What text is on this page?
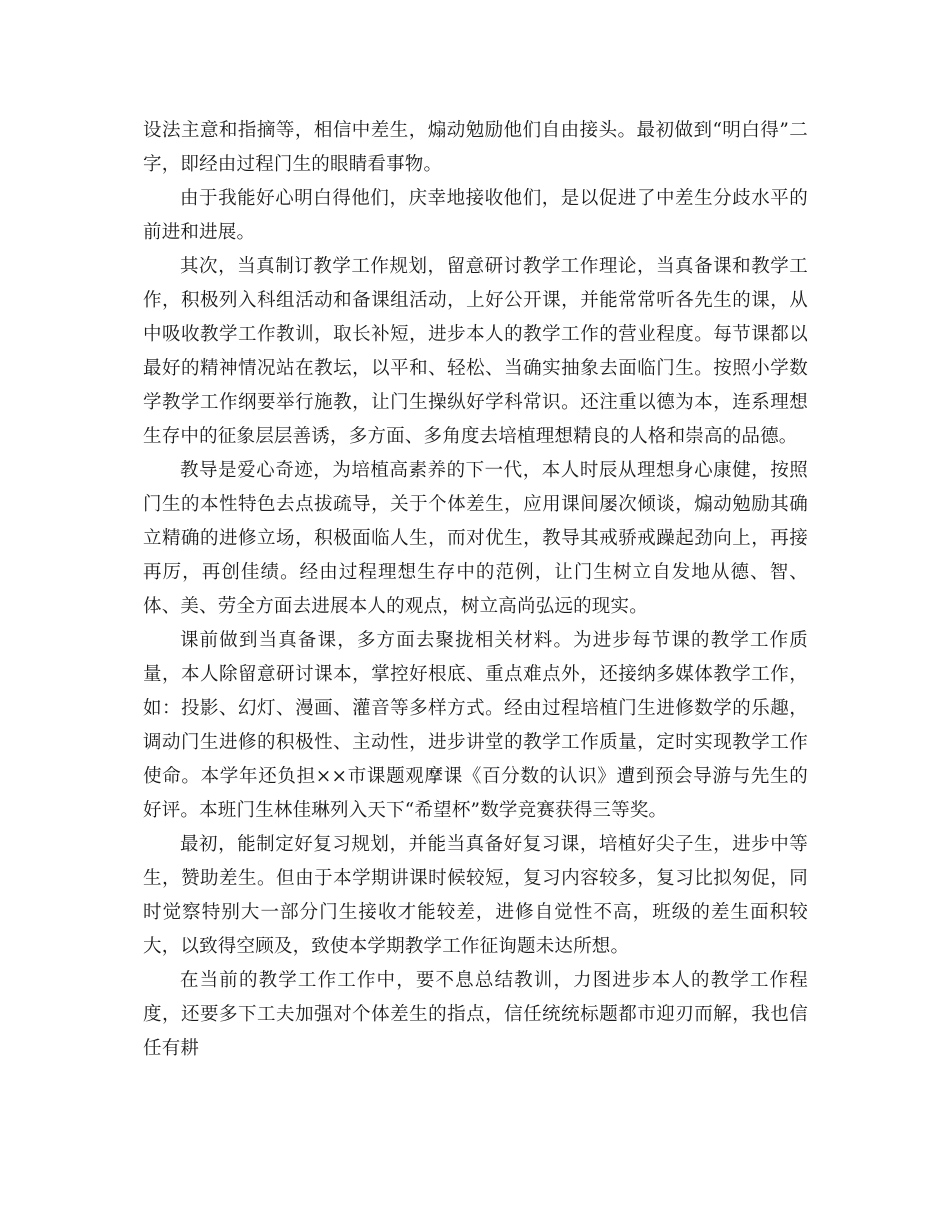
设法主意和指摘等，相信中差生，煽动勉励他们自由接头。最初做到“明白得”二字，即经由过程门生的眼睛看事物。

由于我能好心明白得他们，庆幸地接收他们，是以促进了中差生分歧水平的前进和进展。

其次，当真制订教学工作规划，留意研讨教学工作理论，当真备课和教学工作，积极列入科组活动和备课组活动，上好公开课，并能常常听各先生的课，从中吸收教学工作教训，取长补短，进步本人的教学工作的营业程度。每节课都以最好的精神情况站在教坛，以平和、轻松、当确实抽象去面临门生。按照小学数学教学工作纲要举行施教，让门生操纵好学科常识。还注重以德为本，连系理想生存中的征象层层善诱，多方面、多角度去培植理想精良的人格和崇高的品德。

教导是爱心奇迹，为培植高素养的下一代，本人时辰从理想身心康健，按照门生的本性特色去点拔疏导，关于个体差生，应用课间屡次倾谈，煽动勉励其确立精确的进修立场，积极面临人生，而对优生，教导其戒骄戒躁起劲向上，再接再厉，再创佳绩。经由过程理想生存中的范例，让门生树立自发地从德、智、体、美、劳全方面去进展本人的观点，树立高尚弘远的现实。

课前做到当真备课，多方面去聚拢相关材料。为进步每节课的教学工作质量，本人除留意研讨课本，掌控好根底、重点难点外，还接纳多媒体教学工作，如：投影、幻灯、漫画、灌音等多样方式。经由过程培植门生进修数学的乐趣，调动门生进修的积极性、主动性，进步讲堂的教学工作质量，定时实现教学工作使命。本学年还负担××市课题观摩课《百分数的认识》遭到预会导游与先生的好评。本班门生林佳琳列入天下“希望杯”数学竞赛获得三等奖。

最初，能制定好复习规划，并能当真备好复习课，培植好尖子生，进步中等生，赞助差生。但由于本学期讲课时候较短，复习内容较多，复习比拟匆促，同时觉察特别大一部分门生接收才能较差，进修自觉性不高，班级的差生面积较大，以致得空顾及，致使本学期教学工作征询题未达所想。

在当前的教学工作工作中，要不息总结教训，力图进步本人的教学工作程度，还要多下工夫加强对个体差生的指点，信任统统标题都市迎刃而解，我也信任有耕
